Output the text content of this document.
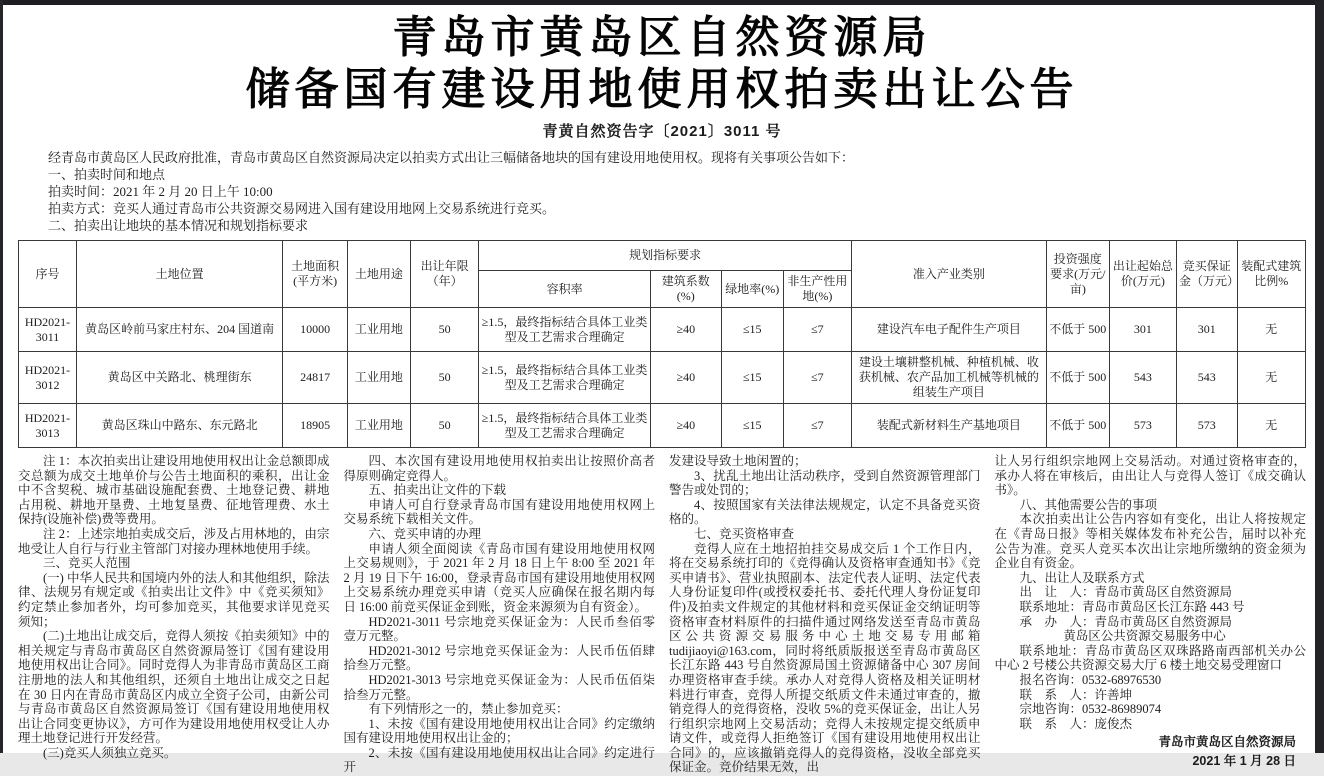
青岛市黄岛区自然资源局
储备国有建设用地使用权拍卖出让公告
青黄自然资告字〔2021〕3011 号

经青岛市黄岛区人民政府批准，青岛市黄岛区自然资源局决定以拍卖方式出让三幅储备地块的国有建设用地使用权。现将有关事项公告如下：

一、拍卖时间和地点

拍卖时间：2021 年 2 月 20 日上午 10:00

拍卖方式：竞买人通过青岛市公共资源交易网进入国有建设用地网上交易系统进行竞买。

二、拍卖出让地块的基本情况和规划指标要求

序号	土地位置	土地面积(平方米)	土地用途	出让年限（年）	规划指标要求				准入产业类别	投资强度要求(万元/亩)	出让起始总价(万元)	竞买保证金（万元）	装配式建筑比例%
					容积率	建筑系数(%)	绿地率(%)	非生产性用地(%)					
HD2021-3011	黄岛区岭前马家庄村东、204 国道南	10000	工业用地	50	≥1.5，最终指标结合具体工业类型及工艺需求合理确定	≥40	≤15	≤7	建设汽车电子配件生产项目	不低于 500	301	301	无
HD2021-3012	黄岛区中关路北、桃理街东	24817	工业用地	50	≥1.5，最终指标结合具体工业类型及工艺需求合理确定	≥40	≤15	≤7	建设土壤耕整机械、种植机械、收获机械、农产品加工机械等机械的组装生产项目	不低于 500	543	543	无
HD2021-3013	黄岛区珠山中路东、东元路北	18905	工业用地	50	≥1.5，最终指标结合具体工业类型及工艺需求合理确定	≥40	≤15	≤7	装配式新材料生产基地项目	不低于 500	573	573	无

注 1：本次拍卖出让建设用地使用权出让金总额即成交总额为成交土地单价与公告土地面积的乘积，出让金中不含契税、城市基础设施配套费、土地登记费、耕地占用税、耕地开垦费、土地复垦费、征地管理费、水土保持(设施补偿)费等费用。

注 2：上述宗地拍卖成交后，涉及占用林地的，由宗地受让人自行与行业主管部门对接办理林地使用手续。

三、竞买人范围

(一) 中华人民共和国境内外的法人和其他组织，除法律、法规另有规定或《拍卖出让文件》中《竞买须知》约定禁止参加者外，均可参加竞买，其他要求详见竞买须知；

(二)土地出让成交后，竞得人须按《拍卖须知》中的相关规定与青岛市黄岛区自然资源局签订《国有建设用地使用权出让合同》。同时竞得人为非青岛市黄岛区工商注册地的法人和其他组织，还须自土地出让成交之日起在 30 日内在青岛市黄岛区内成立全资子公司，由新公司与青岛市黄岛区自然资源局签订《国有建设用地使用权出让合同变更协议》，方可作为建设用地使用权受让人办理土地登记进行开发经营。

(三)竞买人须独立竞买。

四、本次国有建设用地使用权拍卖出让按照价高者得原则确定竞得人。

五、拍卖出让文件的下载

申请人可自行登录青岛市国有建设用地使用权网上交易系统下载相关文件。

六、竞买申请的办理

申请人须全面阅读《青岛市国有建设用地使用权网上交易规则》，于 2021 年 2 月 18 日上午 8:00 至 2021 年 2 月 19 日下午 16:00，登录青岛市国有建设用地使用权网上交易系统办理竞买申请（竞买人应确保在报名期内每日 16:00 前竞买保证金到账，资金来源须为自有资金）。

HD2021-3011 号宗地竞买保证金为：人民币叁佰零壹万元整。

HD2021-3012 号宗地竞买保证金为：人民币伍佰肆拾叁万元整。

HD2021-3013 号宗地竞买保证金为：人民币伍佰柒拾叁万元整。

有下列情形之一的，禁止参加竞买：

1、未按《国有建设用地使用权出让合同》约定缴纳国有建设用地使用权出让金的；

2、未按《国有建设用地使用权出让合同》约定进行开

发建设导致土地闲置的；

3、扰乱土地出让活动秩序，受到自然资源管理部门警告或处罚的；

4、按照国家有关法律法规规定，认定不具备竞买资格的。

七、竞买资格审查

竞得人应在土地招拍挂交易成交后 1 个工作日内，将在交易系统打印的《竞得确认及资格审查通知书》《竞买申请书》、营业执照副本、法定代表人证明、法定代表人身份证复印件(或授权委托书、委托代理人身份证复印件)及拍卖文件规定的其他材料和竞买保证金交纳证明等资格审查材料原件的扫描件通过网络发送至青岛市黄岛区公共资源交易服务中心土地交易专用邮箱 tudijiaoyi@163.com，同时将纸质版报送至青岛市黄岛区长江东路 443 号自然资源局国土资源储备中心 307 房间办理资格审查手续。承办人对竞得人资格及相关证明材料进行审查，竞得人所提交纸质文件未通过审查的，撤销竞得人的竞得资格，没收 5%的竞买保证金，出让人另行组织宗地网上交易活动；竞得人未按规定提交纸质申请文件，或竞得人拒绝签订《国有建设用地使用权出让合同》的，应该撤销竞得人的竞得资格，没收全部竞买保证金。竞价结果无效，出

让人另行组织宗地网上交易活动。对通过资格审查的，承办人将在审核后，由出让人与竞得人签订《成交确认书》。

八、其他需要公告的事项

本次拍卖出让公告内容如有变化，出让人将按规定在《青岛日报》等相关媒体发布补充公告，届时以补充公告为准。竞买人竞买本次出让宗地所缴纳的资金须为企业自有资金。

九、出让人及联系方式

出　让　人：青岛市黄岛区自然资源局

联系地址：青岛市黄岛区长江东路 443 号

承　办　人：青岛市黄岛区自然资源局

黄岛区公共资源交易服务中心

联系地址：青岛市黄岛区双珠路路南西部机关办公中心 2 号楼公共资源交易大厅 6 楼土地交易受理窗口

报名咨询：0532-68976530

联　系　人：许善坤

宗地咨询：0532-86989074

联　系　人：庞俊杰

青岛市黄岛区自然资源局

2021 年 1 月 28 日
